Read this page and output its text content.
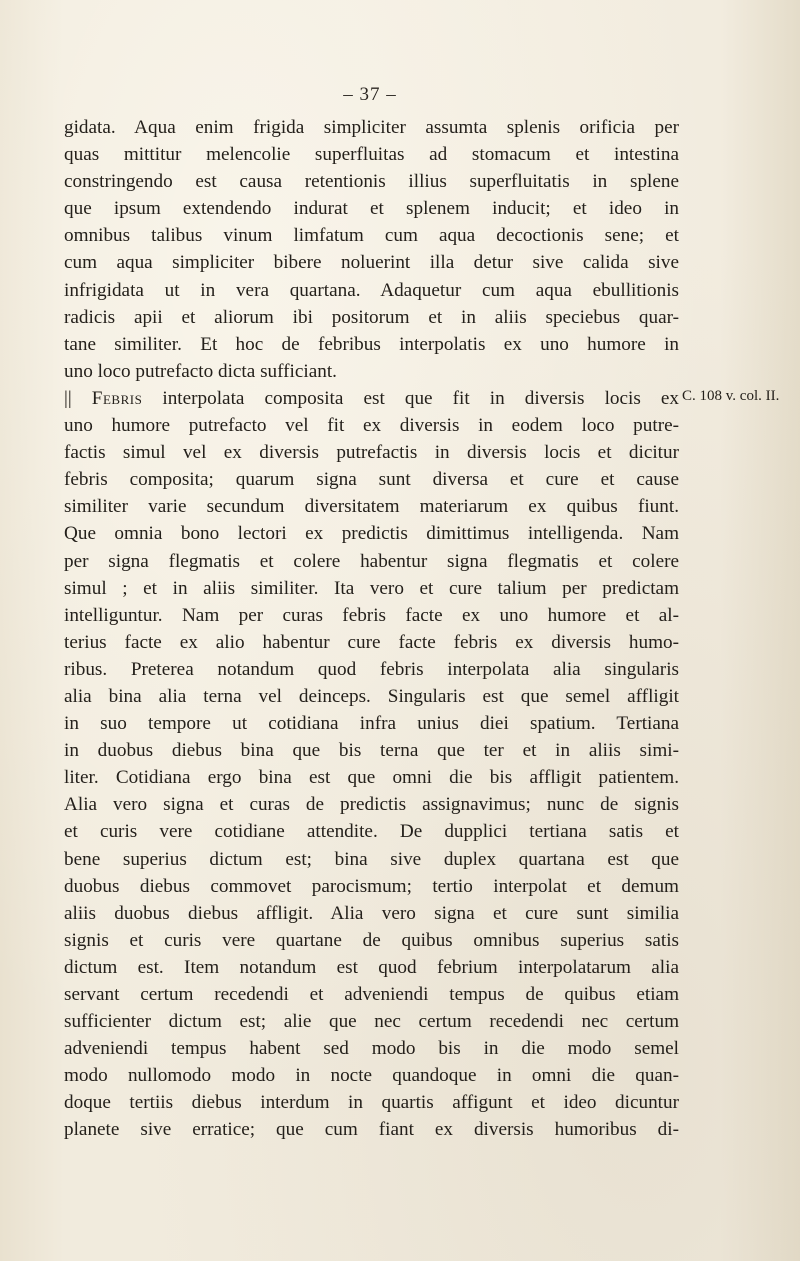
– 37 –
gidata. Aqua enim frigida simpliciter assumta splenis orificia per
quas mittitur melencolie superfluitas ad stomacum et intestina
constringendo est causa retentionis illius superfluitatis in splene
que ipsum extendendo indurat et splenem inducit; et ideo in
omnibus talibus vinum limfatum cum aqua decoctionis sene; et
cum aqua simpliciter bibere noluerint illa detur sive calida sive
infrigidata ut in vera quartana. Adaquetur cum aqua ebullitionis
radicis apii et aliorum ibi positorum et in aliis speciebus quar-
tane similiter. Et hoc de febribus interpolatis ex uno humore in
uno loco putrefacto dicta sufficiant.
|| Febris interpolata composita est que fit in diversis locis ex
uno humore putrefacto vel fit ex diversis in eodem loco putre-
factis simul vel ex diversis putrefactis in diversis locis et dicitur
febris composita; quarum signa sunt diversa et cure et cause
similiter varie secundum diversitatem materiarum ex quibus fiunt.
Que omnia bono lectori ex predictis dimittimus intelligenda. Nam
per signa flegmatis et colere habentur signa flegmatis et colere
simul ; et in aliis similiter. Ita vero et cure talium per predictam
intelliguntur. Nam per curas febris facte ex uno humore et al-
terius facte ex alio habentur cure facte febris ex diversis humo-
ribus. Preterea notandum quod febris interpolata alia singularis
alia bina alia terna vel deinceps. Singularis est que semel affligit
in suo tempore ut cotidiana infra unius diei spatium. Tertiana
in duobus diebus bina que bis terna que ter et in aliis simi-
liter. Cotidiana ergo bina est que omni die bis affligit patientem.
Alia vero signa et curas de predictis assignavimus; nunc de signis
et curis vere cotidiane attendite. De dupplici tertiana satis et
bene superius dictum est; bina sive duplex quartana est que
duobus diebus commovet parocismum; tertio interpolat et demum
aliis duobus diebus affligit. Alia vero signa et cure sunt similia
signis et curis vere quartane de quibus omnibus superius satis
dictum est. Item notandum est quod febrium interpolatarum alia
servant certum recedendi et adveniendi tempus de quibus etiam
sufficienter dictum est; alie que nec certum recedendi nec certum
adveniendi tempus habent sed modo bis in die modo semel
modo nullomodo modo in nocte quandoque in omni die quan-
doque tertiis diebus interdum in quartis affigunt et ideo dicuntur
planete sive erratice; que cum fiant ex diversis humoribus di-
C. 108 v. col. II.
